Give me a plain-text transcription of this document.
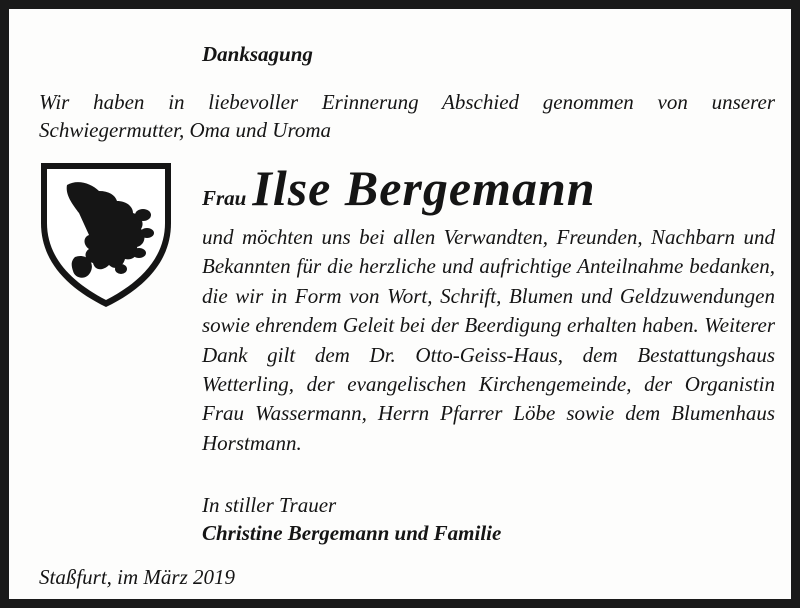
Danksagung
Wir haben in liebevoller Erinnerung Abschied genommen von unserer Schwiegermutter, Oma und Uroma
Frau Ilse Bergemann
und möchten uns bei allen Verwandten, Freunden, Nachbarn und Bekannten für die herzliche und aufrichtige Anteilnahme bedanken, die wir in Form von Wort, Schrift, Blumen und Geldzuwendungen sowie ehrendem Geleit bei der Beerdigung erhalten haben. Weiterer Dank gilt dem Dr. Otto-Geiss-Haus, dem Bestattungshaus Wetterling, der evangelischen Kirchengemeinde, der Organistin Frau Wassermann, Herrn Pfarrer Löbe sowie dem Blumenhaus Horstmann.
In stiller Trauer
Christine Bergemann und Familie
Staßfurt, im März 2019
